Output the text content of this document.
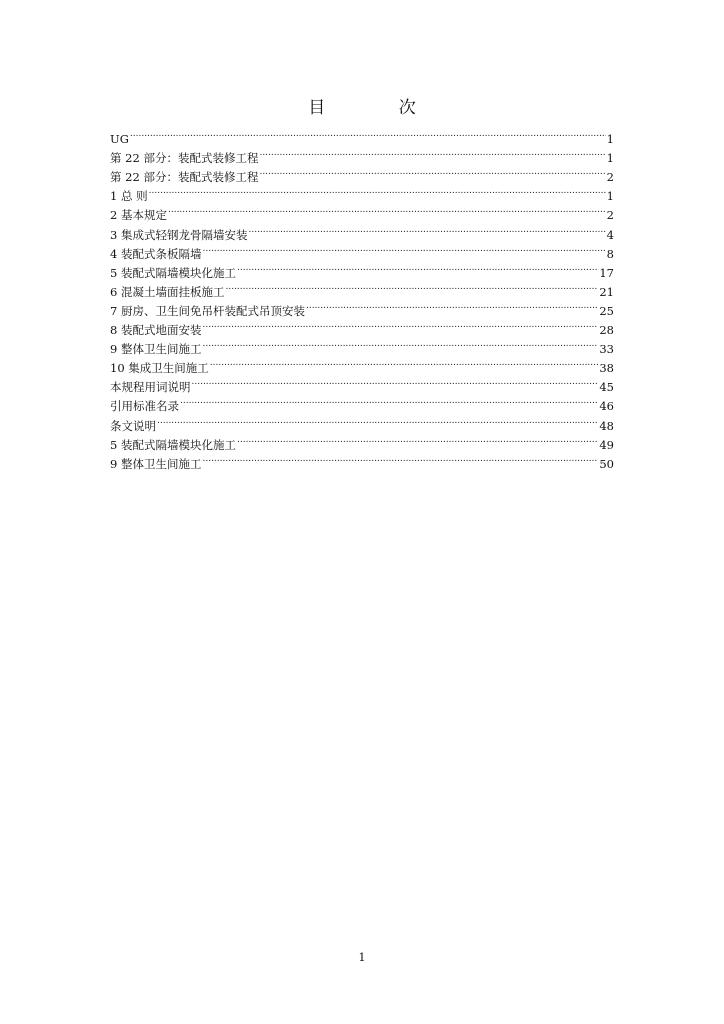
目 次
UG .....	1
第 22 部分：装配式装修工程 .....	1
第 22 部分：装配式装修工程 .....	2
1 总 则 .....	1
2 基本规定 .....	2
3 集成式轻钢龙骨隔墙安装 .....	4
4 装配式条板隔墙 .....	8
5 装配式隔墙模块化施工 .....	17
6 混凝土墙面挂板施工 .....	21
7 厨房、卫生间免吊杆装配式吊顶安装 .....	25
8 装配式地面安装 .....	28
9 整体卫生间施工 .....	33
10 集成卫生间施工 .....	38
本规程用词说明 .....	45
引用标准名录 .....	46
条文说明 .....	48
5 装配式隔墙模块化施工 .....	49
9 整体卫生间施工 .....	50
1
